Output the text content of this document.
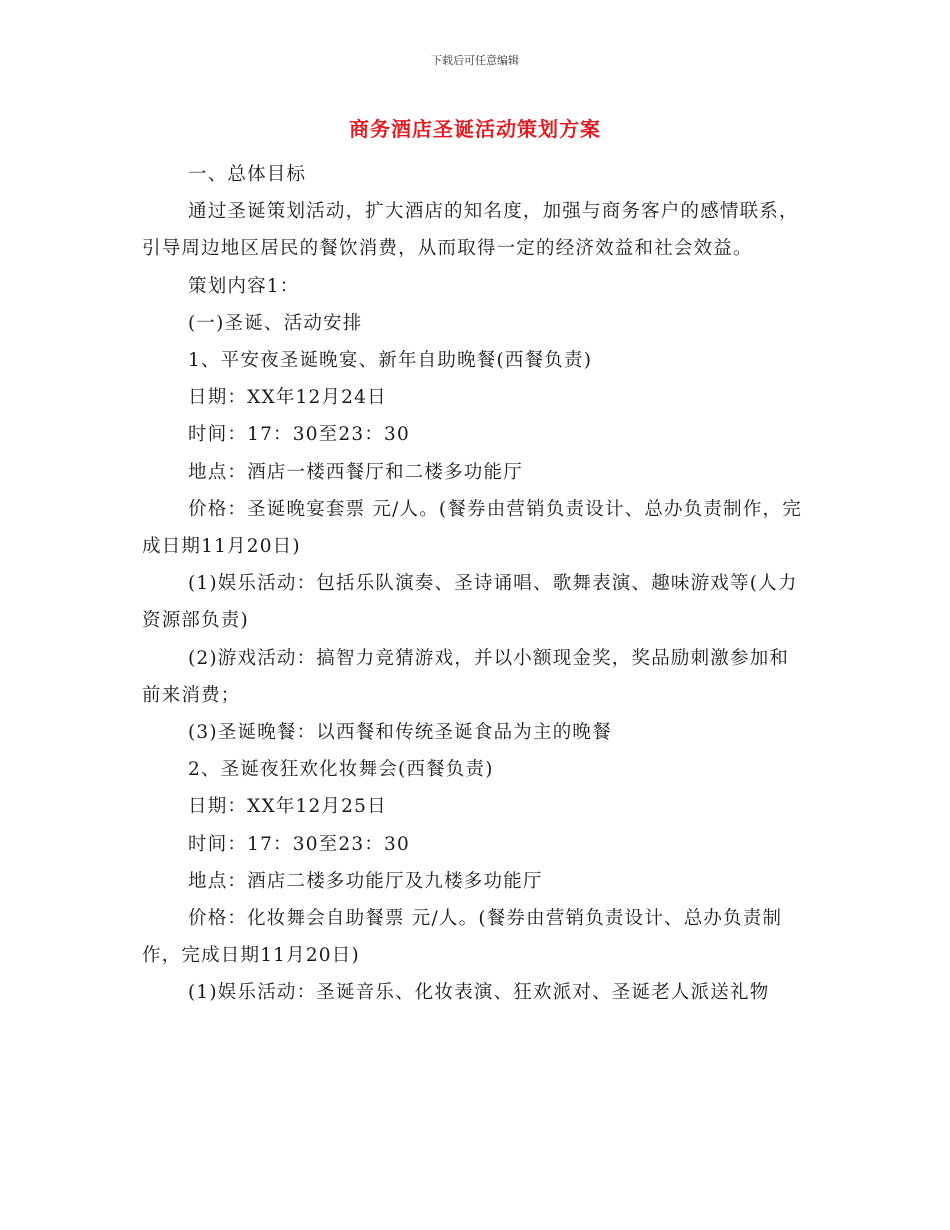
下载后可任意编辑
商务酒店圣诞活动策划方案

一、总体目标

通过圣诞策划活动，扩大酒店的知名度，加强与商务客户的感情联系，引导周边地区居民的餐饮消费，从而取得一定的经济效益和社会效益。

策划内容1：

(一)圣诞、活动安排

1、平安夜圣诞晚宴、新年自助晚餐(西餐负责)

日期：XX年12月24日

时间：17：30至23：30

地点：酒店一楼西餐厅和二楼多功能厅

价格：圣诞晚宴套票 元/人。(餐券由营销负责设计、总办负责制作，完成日期11月20日)

(1)娱乐活动：包括乐队演奏、圣诗诵唱、歌舞表演、趣味游戏等(人力资源部负责)

(2)游戏活动：搞智力竞猜游戏，并以小额现金奖，奖品励刺激参加和前来消费；

(3)圣诞晚餐：以西餐和传统圣诞食品为主的晚餐

2、圣诞夜狂欢化妆舞会(西餐负责)

日期：XX年12月25日

时间：17：30至23：30

地点：酒店二楼多功能厅及九楼多功能厅

价格：化妆舞会自助餐票 元/人。(餐券由营销负责设计、总办负责制作，完成日期11月20日)

(1)娱乐活动：圣诞音乐、化妆表演、狂欢派对、圣诞老人派送礼物
